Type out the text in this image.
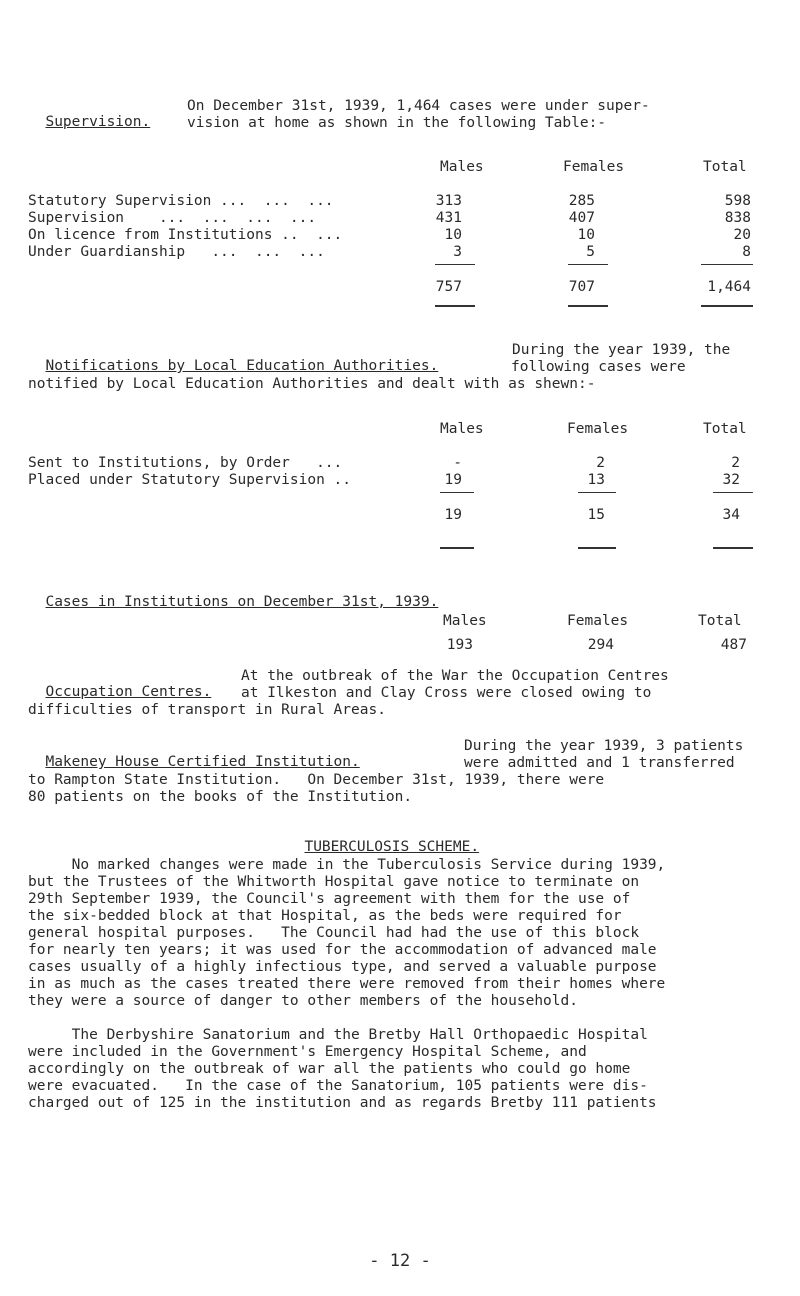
Supervision.

On December 31st, 1939, 1,464 cases were under super-
vision at home as shown in the following Table:-
Males	Females	Total
Statutory Supervision ...  ...  ...	313	285	598
Supervision    ...  ...  ...  ...	431	407	838
On licence from Institutions ..  ...	10	10	20
Under Guardianship   ...  ...  ...	3	5	8
757	707	1,464

Notifications by Local Education Authorities.

During the year 1939, the
following cases were
notified by Local Education Authorities and dealt with as shewn:-
Males	Females	Total
Sent to Institutions, by Order   ...	-	2	2
Placed under Statutory Supervision ..	19	13	32
19	15	34

Cases in Institutions on December 31st, 1939.

Males	Females	Total
193	294	487

Occupation Centres.

At the outbreak of the War the Occupation Centres
at Ilkeston and Clay Cross were closed owing to
difficulties of transport in Rural Areas.

Makeney House Certified Institution.

During the year 1939, 3 patients
were admitted and 1 transferred
to Rampton State Institution.   On December 31st, 1939, there were
80 patients on the books of the Institution.

TUBERCULOSIS SCHEME.

No marked changes were made in the Tuberculosis Service during 1939,
but the Trustees of the Whitworth Hospital gave notice to terminate on
29th September 1939, the Council's agreement with them for the use of
the six-bedded block at that Hospital, as the beds were required for
general hospital purposes.   The Council had had the use of this block
for nearly ten years; it was used for the accommodation of advanced male
cases usually of a highly infectious type, and served a valuable purpose
in as much as the cases treated there were removed from their homes where
they were a source of danger to other members of the household.
The Derbyshire Sanatorium and the Bretby Hall Orthopaedic Hospital
were included in the Government's Emergency Hospital Scheme, and
accordingly on the outbreak of war all the patients who could go home
were evacuated.   In the case of the Sanatorium, 105 patients were dis-
charged out of 125 in the institution and as regards Bretby 111 patients
- 12 -
